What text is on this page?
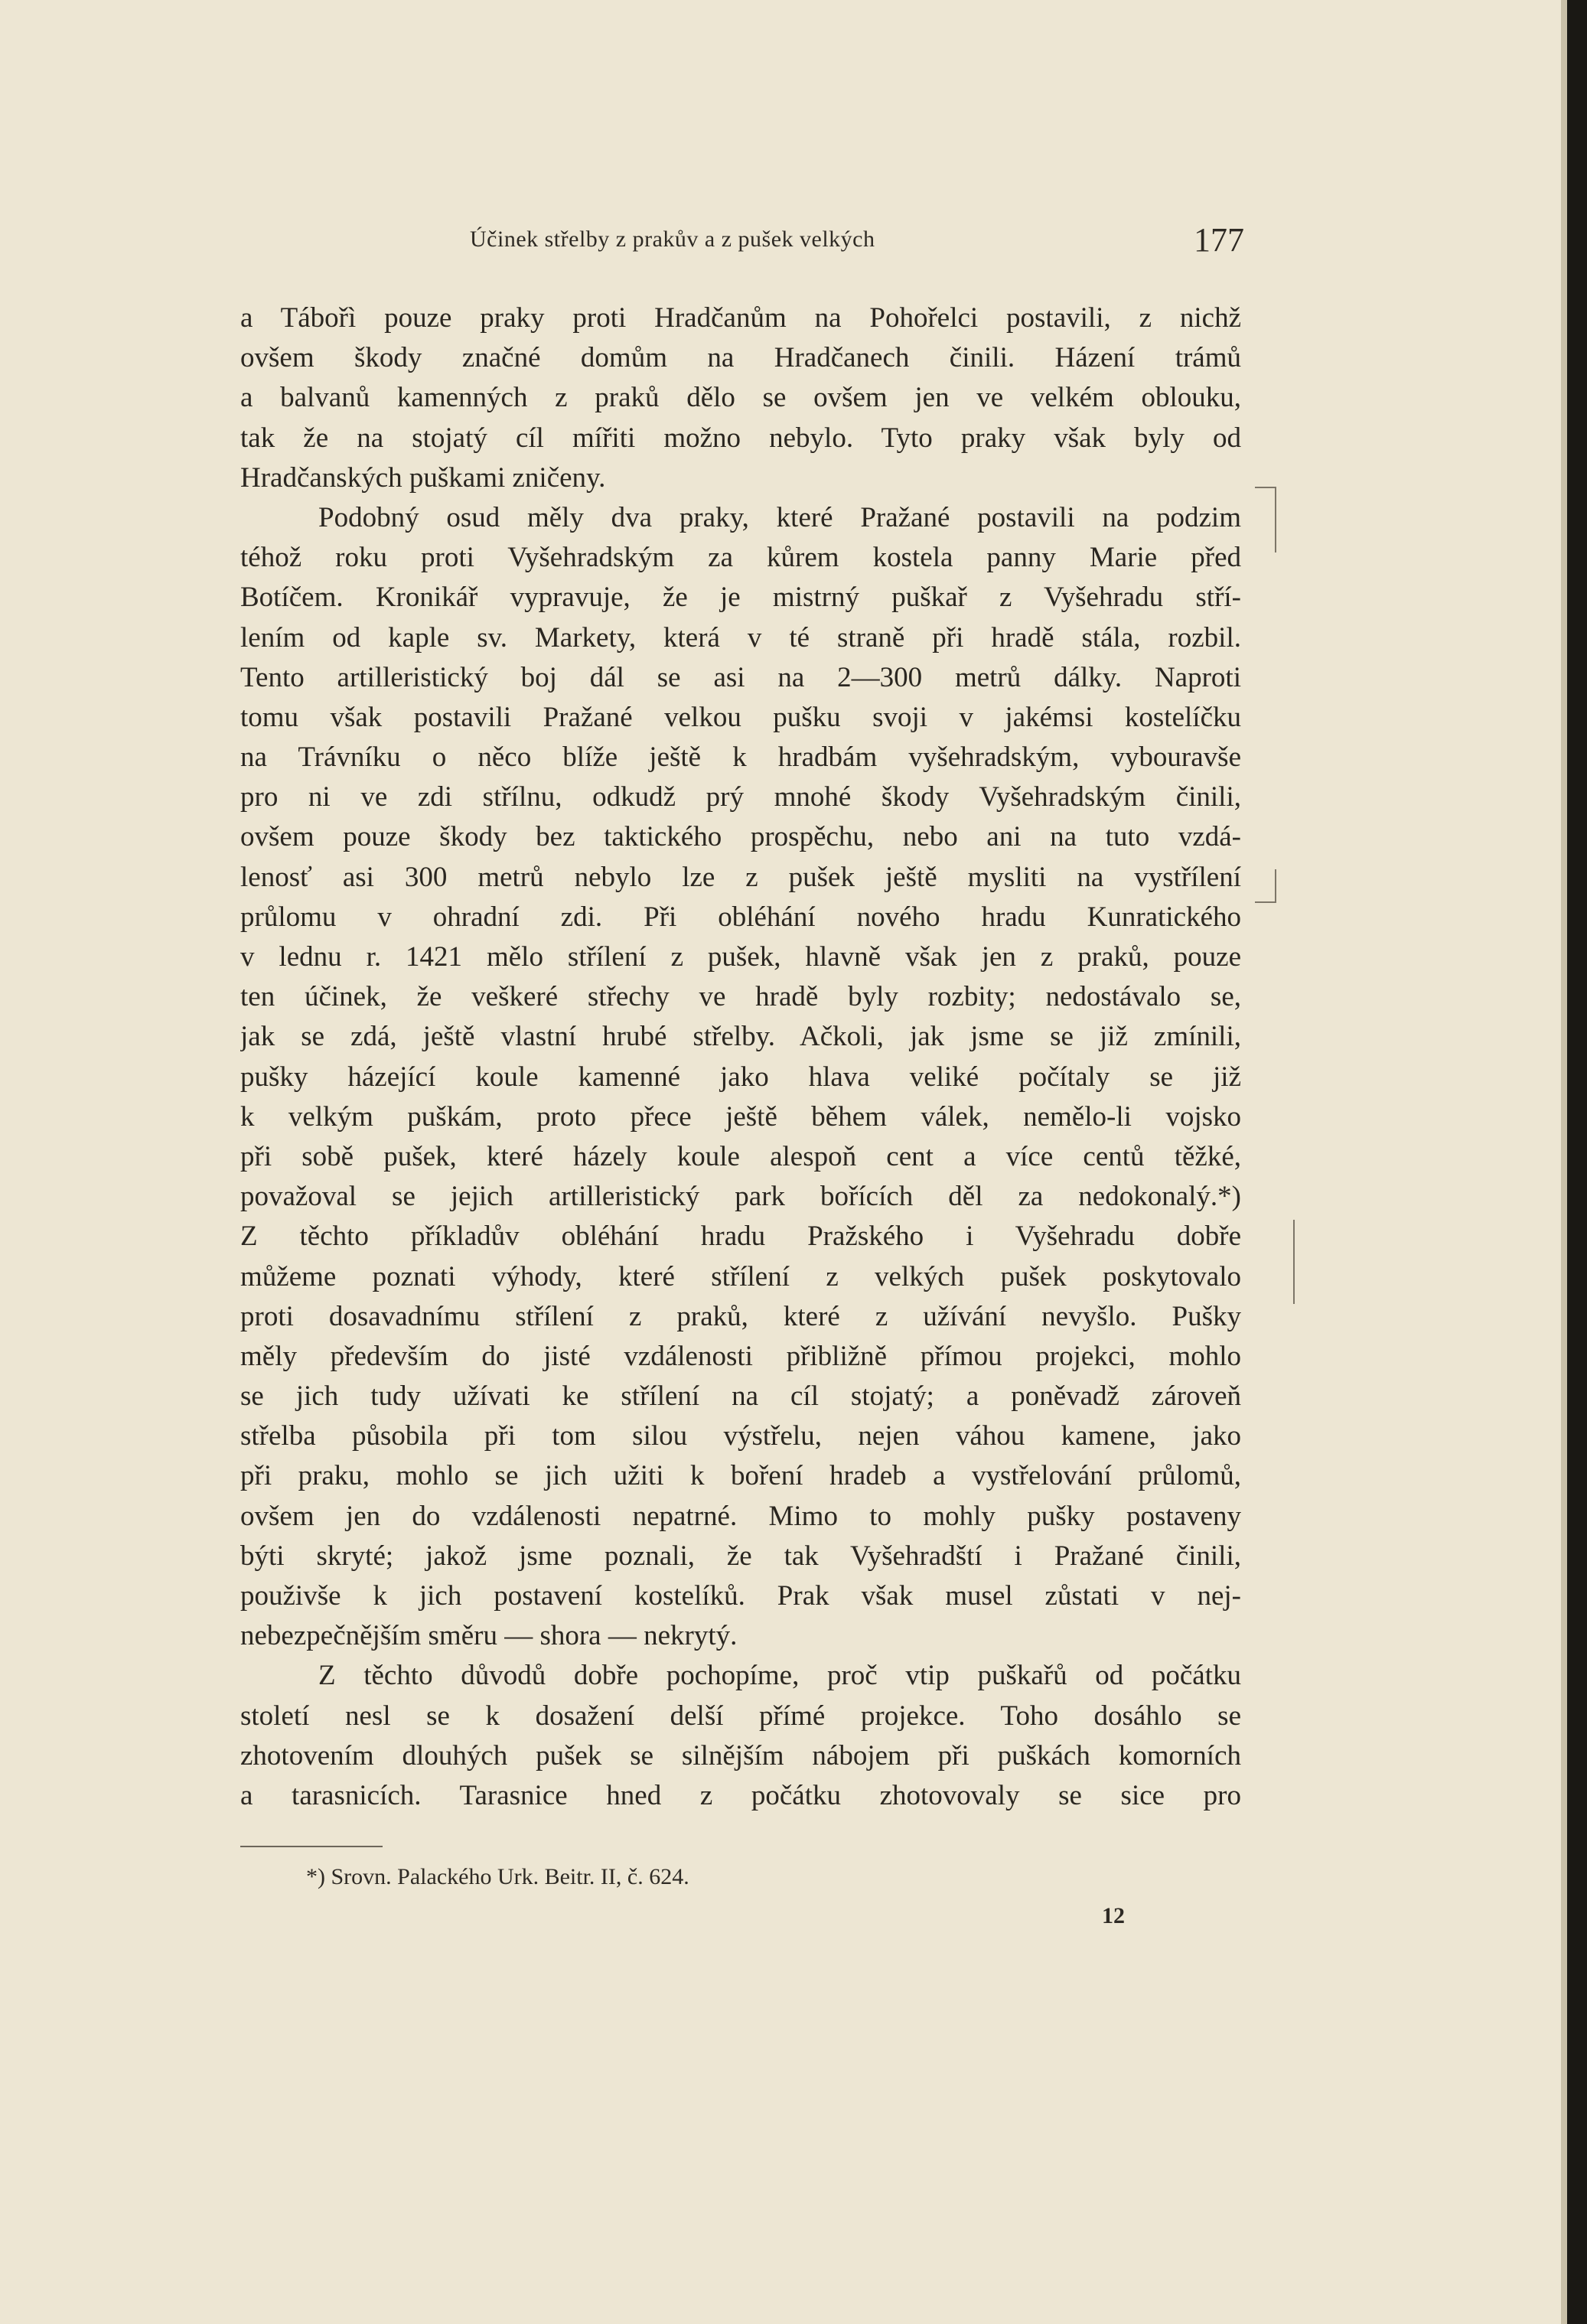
Účinek střelby z prakův a z pušek velkých	177
a Tábořì pouze praky proti Hradčanům na Pohořelci postavili, z nichž
ovšem škody značné domům na Hradčanech činili. Házení trámů
a balvanů kamenných z praků dělo se ovšem jen ve velkém oblouku,
tak že na stojatý cíl mířiti možno nebylo. Tyto praky však byly od
Hradčanských puškami zničeny.
Podobný osud měly dva praky, které Pražané postavili na podzim
téhož roku proti Vyšehradským za kůrem kostela panny Marie před
Botíčem. Kronikář vypravuje, že je mistrný puškař z Vyšehradu stří-
lením od kaple sv. Markety, která v té straně při hradě stála, rozbil.
Tento artilleristický boj dál se asi na 2—300 metrů dálky. Naproti
tomu však postavili Pražané velkou pušku svoji v jakémsi kostelíčku
na Trávníku o něco blíže ještě k hradbám vyšehradským, vybouravše
pro ni ve zdi střílnu, odkudž prý mnohé škody Vyšehradským činili,
ovšem pouze škody bez taktického prospěchu, nebo ani na tuto vzdá-
lenosť asi 300 metrů nebylo lze z pušek ještě mysliti na vystřílení
průlomu v ohradní zdi. Při obléhání nového hradu Kunratického
v lednu r. 1421 mělo střílení z pušek, hlavně však jen z praků, pouze
ten účinek, že veškeré střechy ve hradě byly rozbity; nedostávalo se,
jak se zdá, ještě vlastní hrubé střelby. Ačkoli, jak jsme se již zmínili,
pušky házející koule kamenné jako hlava veliké počítaly se již
k velkým puškám, proto přece ještě během válek, nemělo-li vojsko
při sobě pušek, které házely koule alespoň cent a více centů těžké,
považoval se jejich artilleristický park bořících děl za nedokonalý.*)
Z těchto příkladův obléhání hradu Pražského i Vyšehradu dobře
můžeme poznati výhody, které střílení z velkých pušek poskytovalo
proti dosavadnímu střílení z praků, které z užívání nevyšlo. Pušky
měly především do jisté vzdálenosti přibližně přímou projekci, mohlo
se jich tudy užívati ke střílení na cíl stojatý; a poněvadž zároveň
střelba působila při tom silou výstřelu, nejen váhou kamene, jako
při praku, mohlo se jich užiti k boření hradeb a vystřelování průlomů,
ovšem jen do vzdálenosti nepatrné. Mimo to mohly pušky postaveny
býti skryté; jakož jsme poznali, že tak Vyšehradští i Pražané činili,
použivše k jich postavení kostelíků. Prak však musel zůstati v nej-
nebezpečnějším směru — shora — nekrytý.
Z těchto důvodů dobře pochopíme, proč vtip puškařů od počátku
století nesl se k dosažení delší přímé projekce. Toho dosáhlo se
zhotovením dlouhých pušek se silnějším nábojem při puškách komorních
a tarasnicích. Tarasnice hned z počátku zhotovovaly se sice pro
*) Srovn. Palackého Urk. Beitr. II, č. 624.
12
